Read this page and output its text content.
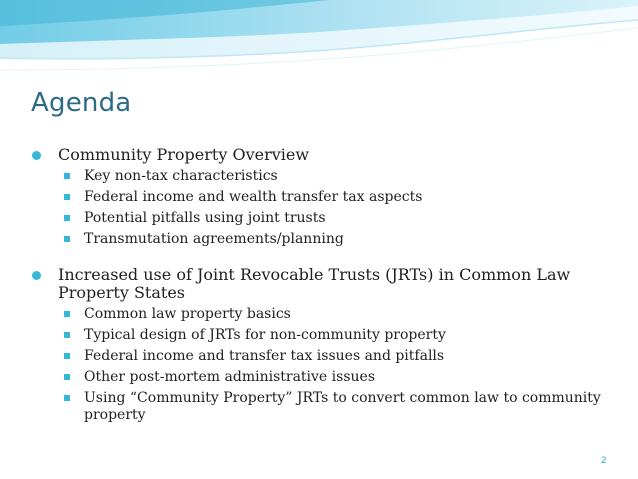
Agenda
Community Property Overview
Key non-tax characteristics
Federal income and wealth transfer tax aspects
Potential pitfalls using joint trusts
Transmutation agreements/planning
Increased use of Joint Revocable Trusts (JRTs) in Common Law Property States
Common law property basics
Typical design of JRTs for non-community property
Federal income and transfer tax issues and pitfalls
Other post-mortem administrative issues
Using “Community Property” JRTs to convert common law to community property
2
